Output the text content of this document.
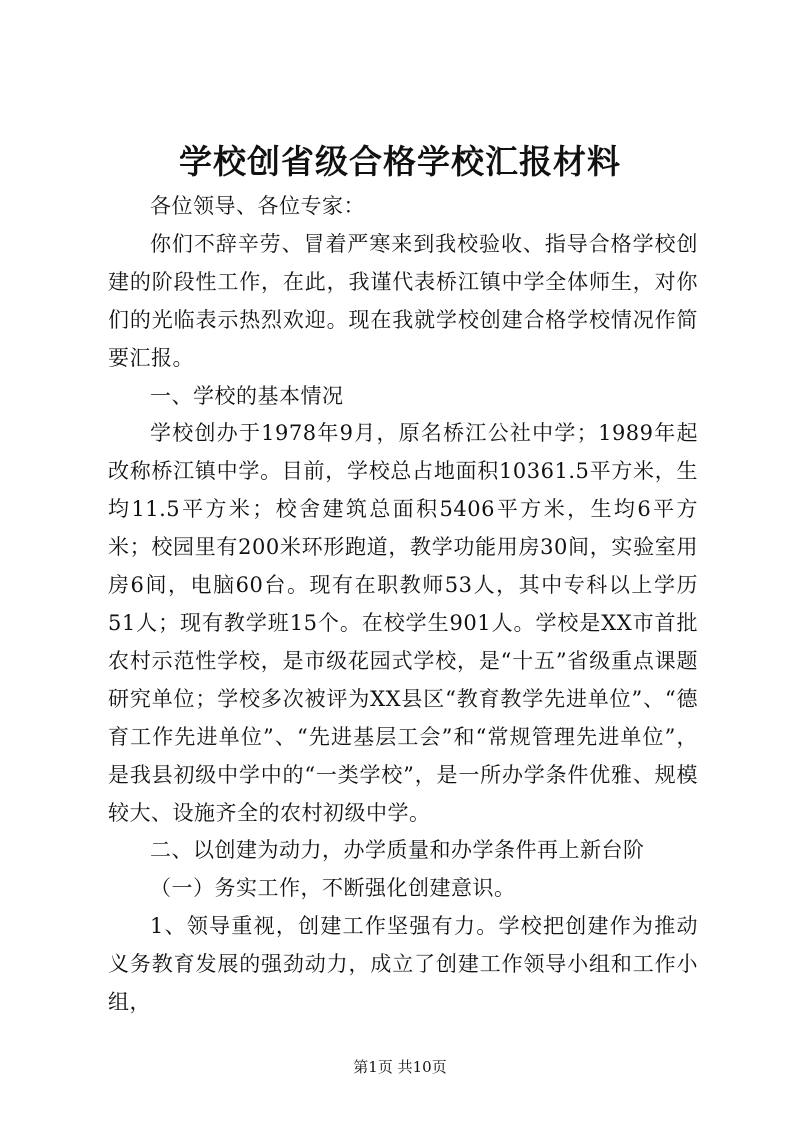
学校创省级合格学校汇报材料

各位领导、各位专家：

你们不辞辛劳、冒着严寒来到我校验收、指导合格学校创建的阶段性工作，在此，我谨代表桥江镇中学全体师生，对你们的光临表示热烈欢迎。现在我就学校创建合格学校情况作简要汇报。

一、学校的基本情况

学校创办于1978年9月，原名桥江公社中学；1989年起改称桥江镇中学。目前，学校总占地面积10361.5平方米，生均11.5平方米；校舍建筑总面积5406平方米，生均6平方米；校园里有200米环形跑道，教学功能用房30间，实验室用房6间，电脑60台。现有在职教师53人，其中专科以上学历51人；现有教学班15个。在校学生901人。学校是XX市首批农村示范性学校，是市级花园式学校，是“十五”省级重点课题研究单位；学校多次被评为XX县区“教育教学先进单位”、“德育工作先进单位”、“先进基层工会”和“常规管理先进单位”，是我县初级中学中的“一类学校”，是一所办学条件优雅、规模较大、设施齐全的农村初级中学。

二、以创建为动力，办学质量和办学条件再上新台阶

（一）务实工作，不断强化创建意识。

1、领导重视，创建工作坚强有力。学校把创建作为推动义务教育发展的强劲动力，成立了创建工作领导小组和工作小组，

第1页 共10页
